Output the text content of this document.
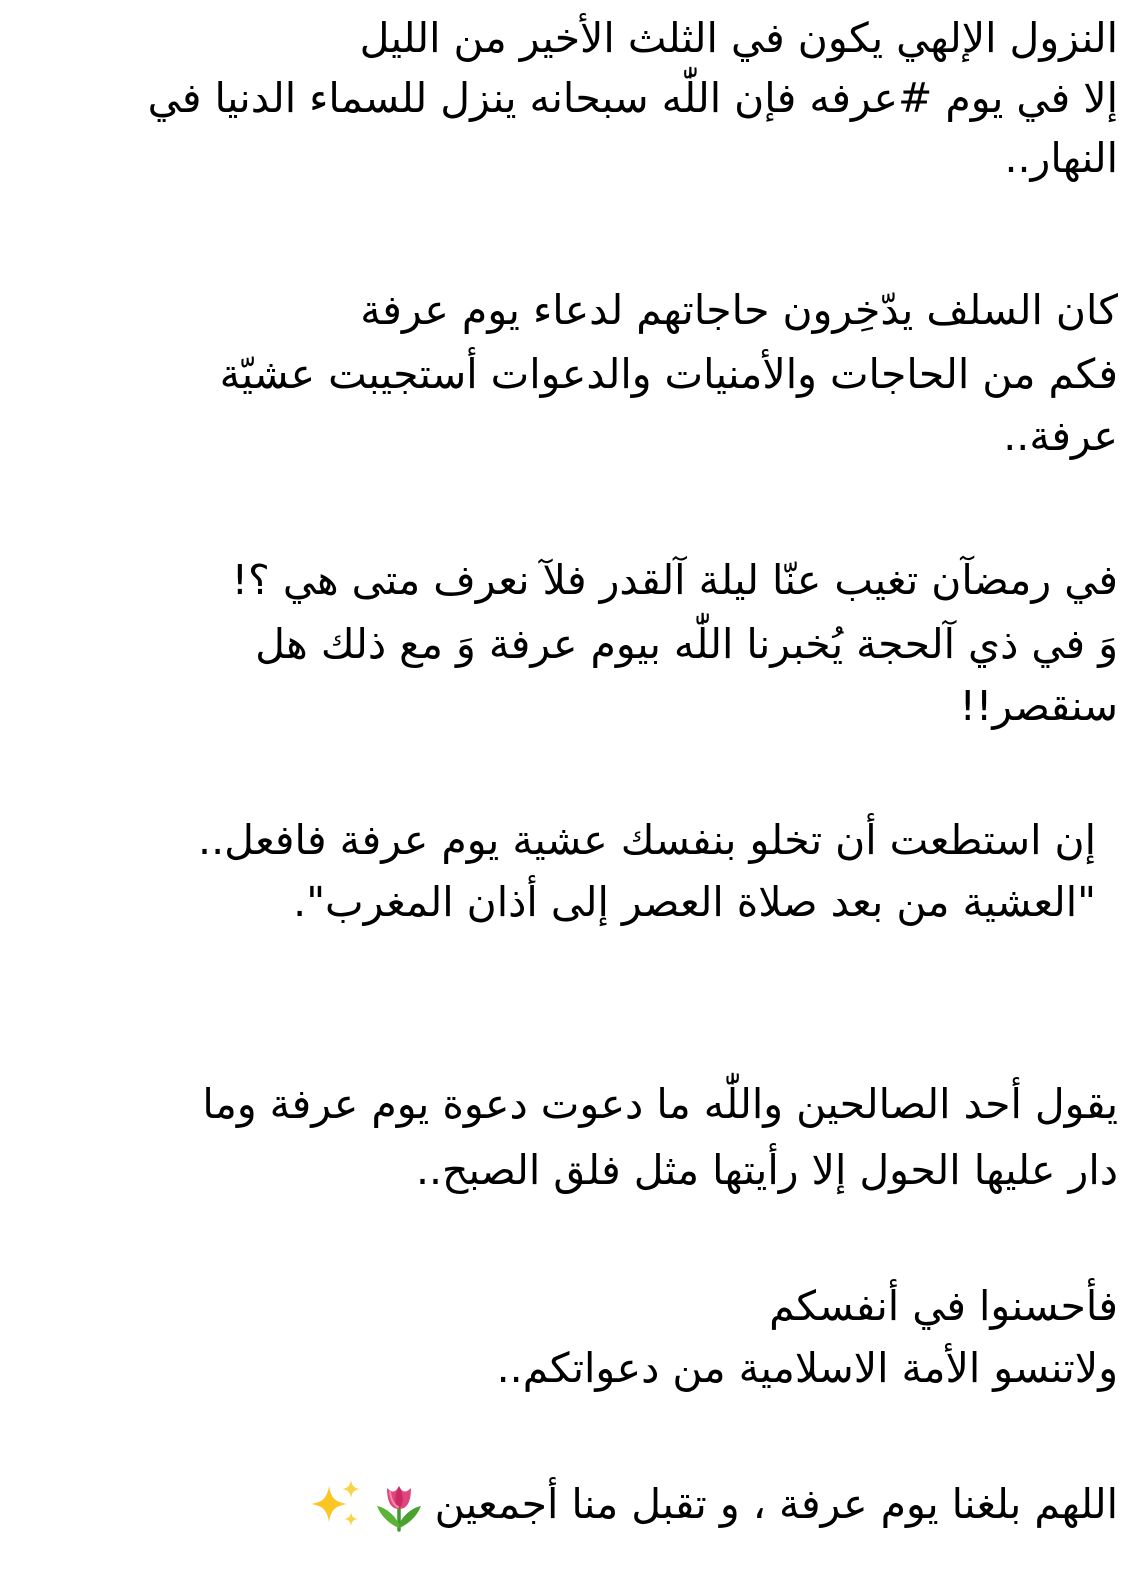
النزول الإلهي يكون في الثلث الأخير من الليل
إلا في يوم #عرفه فإن اللّٰه سبحانه ينزل للسماء الدنيا في
النهار..
كان السلف يدّخِرون حاجاتهم لدعاء يوم عرفة
فكم من الحاجات والأمنيات والدعوات أستجيبت عشيّة
عرفة..
في رمضآن تغيب عنّا ليلة آلقدر فلآ نعرف متى هي ؟!
وَ في ذي آلحجة يُخبرنا اللّٰه بيوم عرفة وَ مع ذلك هل
سنقصر!!
إن استطعت أن تخلو بنفسك عشية يوم عرفة فافعل..
"العشية من بعد صلاة العصر إلى أذان المغرب".
يقول أحد الصالحين واللّٰه ما دعوت دعوة يوم عرفة وما
دار عليها الحول إلا رأيتها مثل فلق الصبح..
فأحسنوا في أنفسكم
ولاتنسو الأمة الاسلامية من دعواتكم..
اللهم بلغنا يوم عرفة ، و تقبل منا أجمعين
